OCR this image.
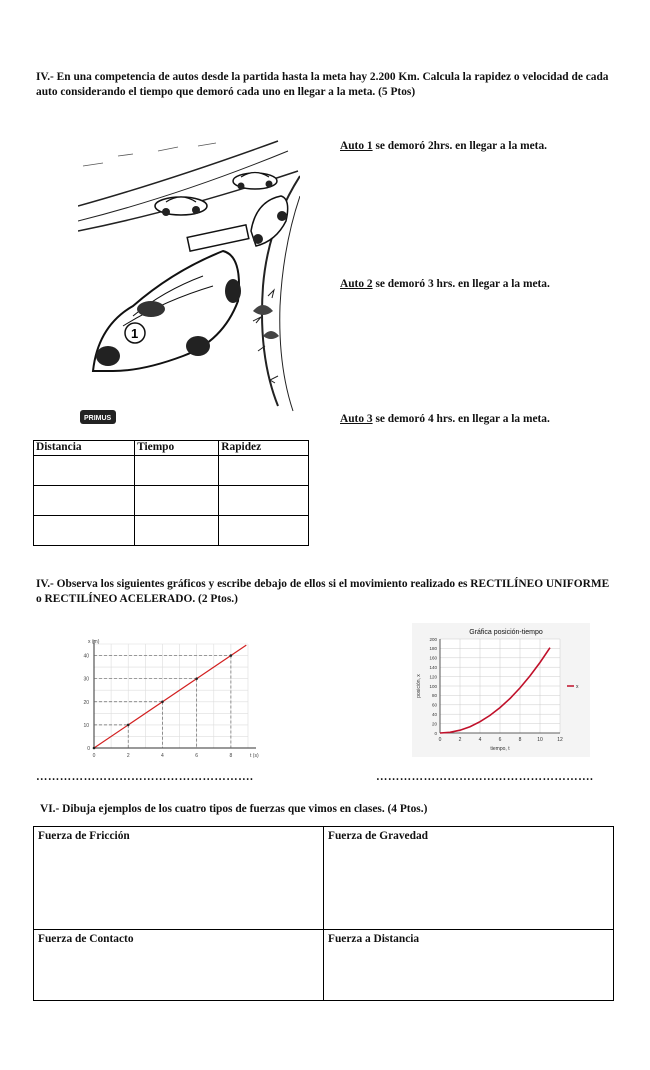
IV.- En una competencia de autos desde la partida hasta la meta hay 2.200 Km. Calcula la rapidez o velocidad de cada auto considerando el tiempo que demoró cada uno en llegar a la meta. (5 Ptos)

1
PRIMUS
Auto 1 se demoró 2hrs. en llegar a la meta.
Auto 2 se demoró 3 hrs. en llegar a la meta.
Auto 3 se demoró 4 hrs. en llegar a la meta.
Distancia	Tiempo	Rapidez

IV.- Observa los siguientes gráficos y escribe debajo de ellos si el movimiento realizado es RECTILÍNEO UNIFORME o RECTILÍNEO ACELERADO. (2 Ptos.)

0	2	4	6	8
10
20
30
40
0
t (s)
x (m)
0	2	4	6	8	10	12
0
20
40
60
80
100
120
140
160
180
200
Gráfica posición-tiempo
tiempo, t
posición, x	x
……………………………………………….	……………………………………………….

VI.- Dibuja ejemplos de los cuatro tipos de fuerzas que vimos en clases. (4 Ptos.)

Fuerza de Fricción	Fuerza de Gravedad
Fuerza de Contacto	Fuerza a Distancia
